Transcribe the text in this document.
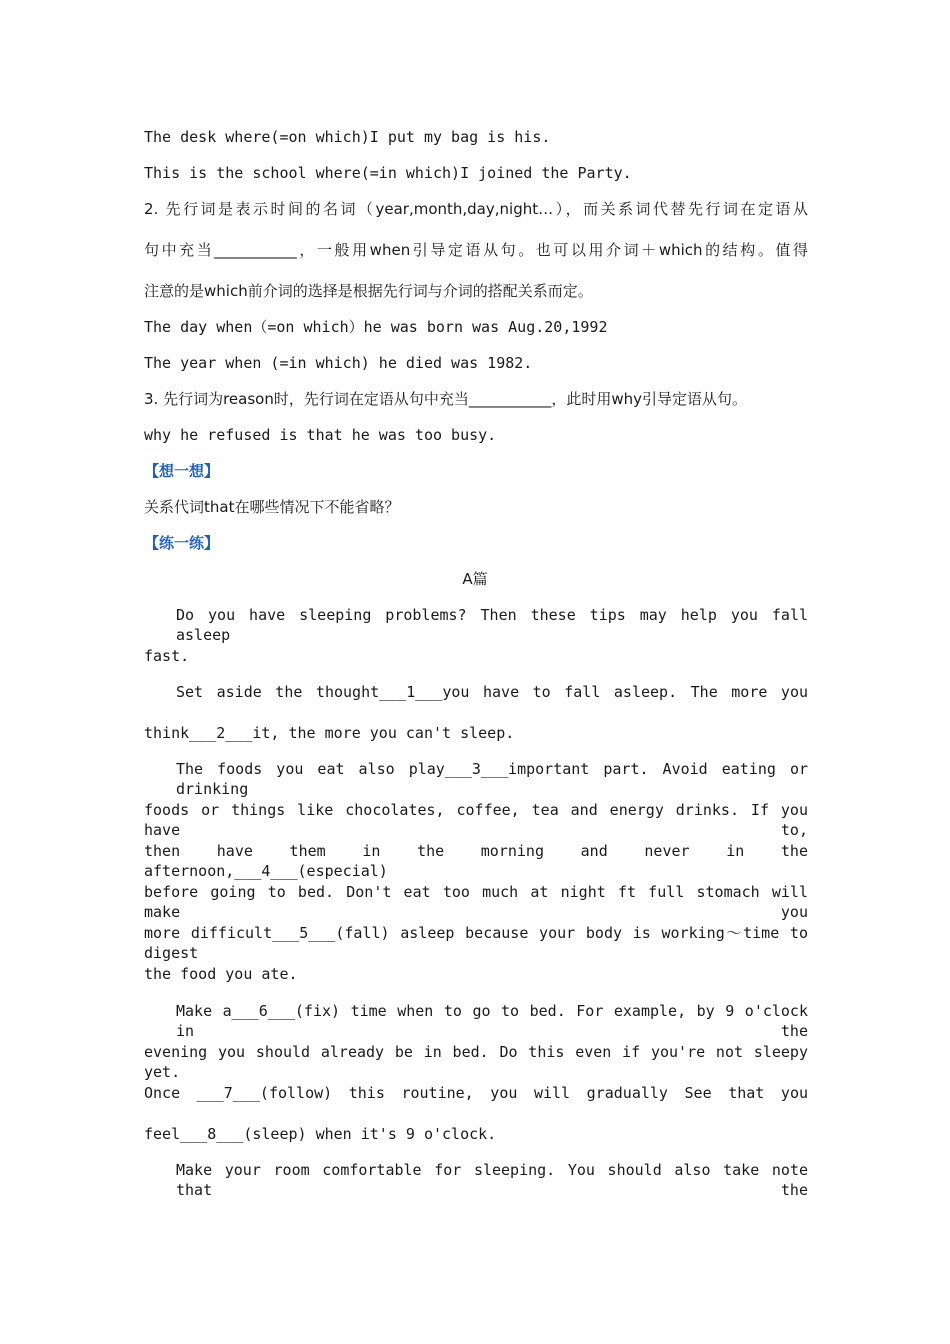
The desk where(=on which)I put my bag is his.
This is the school where(=in which)I joined the Party.
2. 先行词是表示时间的名词（year,month,day,night…），而关系词代替先行词在定语从
句中充当___________，一般用when引导定语从句。也可以用介词＋which的结构。值得
注意的是which前介词的选择是根据先行词与介词的搭配关系而定。
The day when（=on which）he was born was Aug.20,1992
The year when (=in which) he died was 1982.
3. 先行词为reason时，先行词在定语从句中充当___________，此时用why引导定语从句。
why he refused is that he was too busy.
【想一想】
关系代词that在哪些情况下不能省略？
【练一练】
A篇
Do you have sleeping problems? Then these tips may help you fall asleep
fast.
Set aside the thought___1___you have to fall asleep. The more you
think___2___it, the more you can't sleep.
The foods you eat also play___3___important part. Avoid eating or drinking
foods or things like chocolates, coffee, tea and energy drinks. If you have to,
then have them in the morning and never in the afternoon,___4___(especial)
before going to bed. Don't eat too much at night ft full stomach will make you
more difficult___5___(fall) asleep because your body is working～time to digest
the food you ate.
Make a___6___(fix) time when to go to bed. For example, by 9 o'clock in the
evening you should already be in bed. Do this even if you're not sleepy yet.
Once ___7___(follow) this routine, you will gradually See that you
feel___8___(sleep) when it's 9 o'clock.
Make your room comfortable for sleeping. You should also take note that the
